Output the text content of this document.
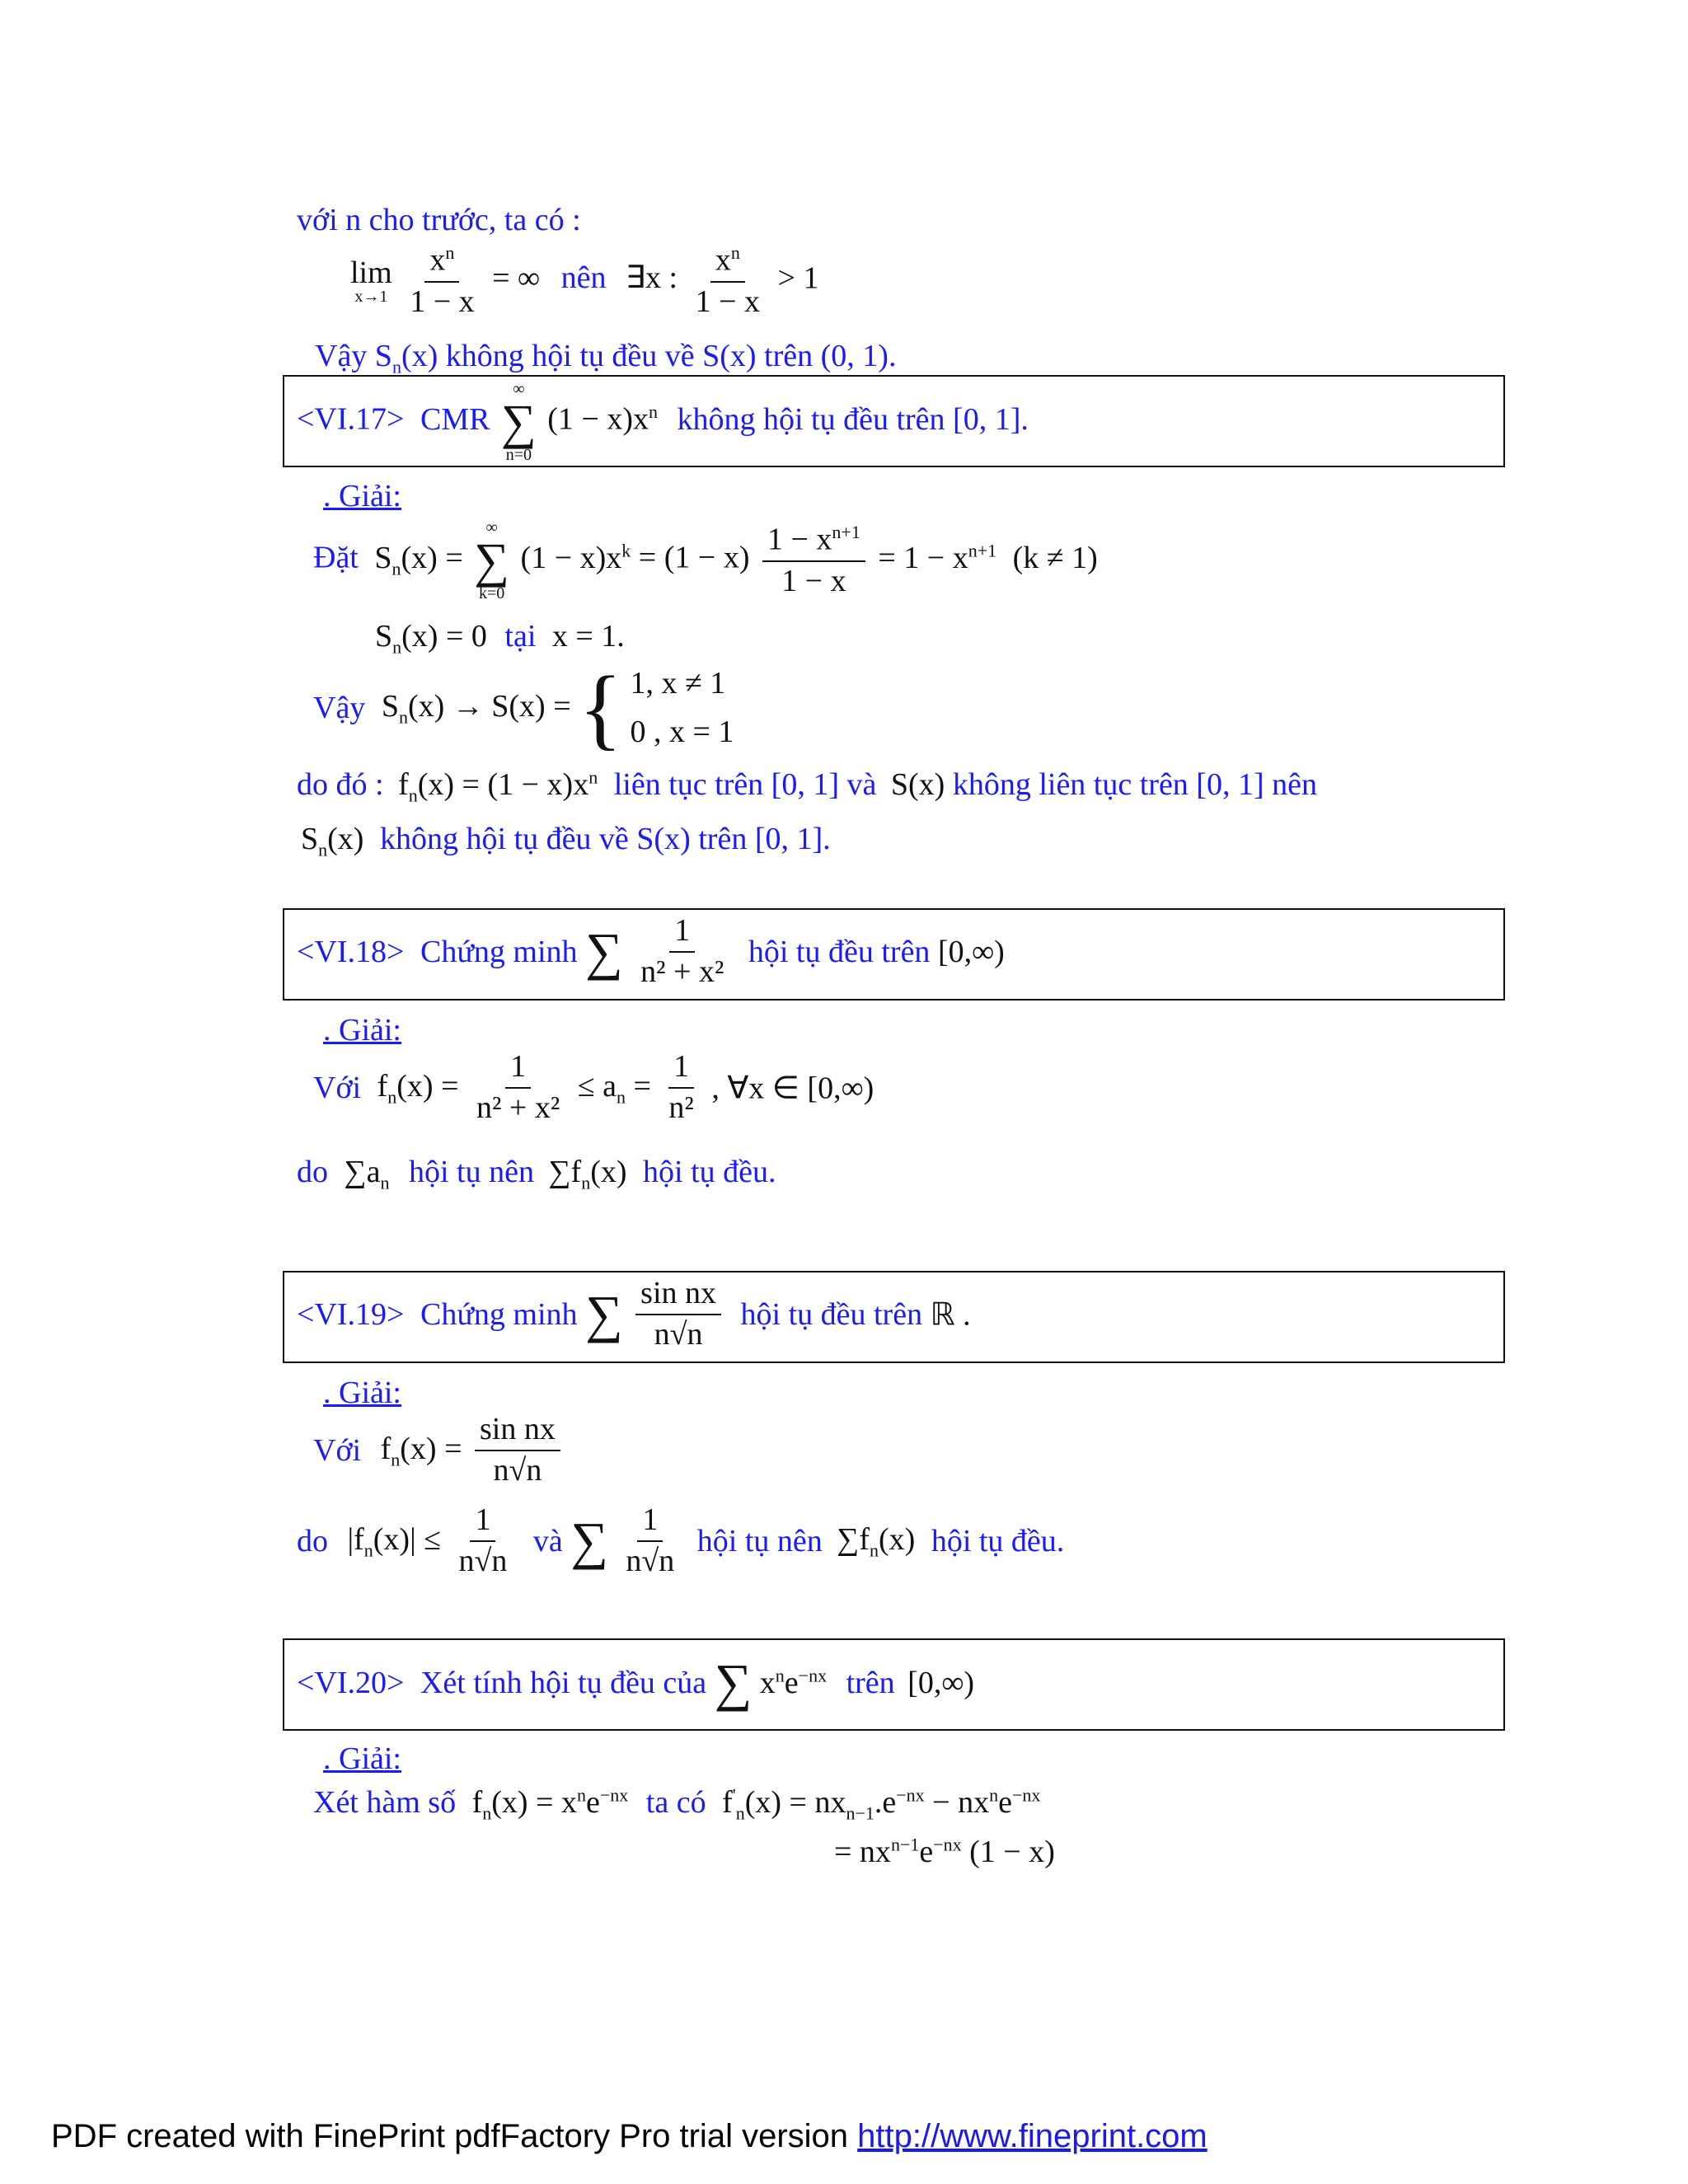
với n cho trước, ta có :
lim
x→1
$\frac{x^n}{1 - x}$ = ∞ nên ∃x : $\frac{x^n}{1 - x} > 1$
Vậy $S_n(x)$ không hội tụ đều về S(x) trên (0, 1).
<VI.17> CMR
∞
∑
n=0
$(1 - x)x^n$ không hội tụ đều trên [0, 1].
. Giải:
Đặt $S_n(x)$ =
∞
∑
k=0
$(1 - x)x^k = (1 - x) \frac{1 - x^{n+1}}{1 - x} = 1 - x^{n+1}$ (k ≠ 1)
$S_n(x) = 0$ tại x = 1.
Vậy $S_n(x) \to S(x)$ = { 1, x ≠ 1
0 , x = 1
do đó : $f_n(x) = (1 - x)x^n$ liên tục trên [0, 1] và S(x) không liên tục trên [0, 1] nên
$S_n(x)$ không hội tụ đều về S(x) trên [0, 1].
<VI.18> Chứng minh ∑ $\frac{1}{\text{n² + x²}}$ hội tụ đều trên [0,∞)
. Giải:
Với $f_n(x) = \frac{1}{\text{n² + x²}} \le a_n = \frac{1}{\text{n²}}$ , ∀x ∈ [0,∞)
do $\sum a_n$ hội tụ nên $\sum f_n(x)$ hội tụ đều.
<VI.19> Chứng minh ∑ $\frac{\text{sin nx}}{n√n}$ hội tụ đều trên ℝ .
. Giải:
Với $f_n(x) = \frac{\text{sin nx}}{n√n}$
do $|f_n(x)| \le \frac{1}{n√n}$ và ∑ $\frac{1}{n√n}$ hội tụ nên $\sum f_n(x)$ hội tụ đều.
<VI.20> Xét tính hội tụ đều của ∑ $x^ne^{-nx}$ trên [0,∞)
. Giải:
Xét hàm số $f_n(x) = x^ne^{-nx}$ ta có $f'_n(x) = nx_{n-1}.e^{-nx} - nx^ne^{-nx}$
= $nx^{n-1}e^{-nx}$ (1 − x)
PDF created with FinePrint pdfFactory Pro trial version http://www.fineprint.com
